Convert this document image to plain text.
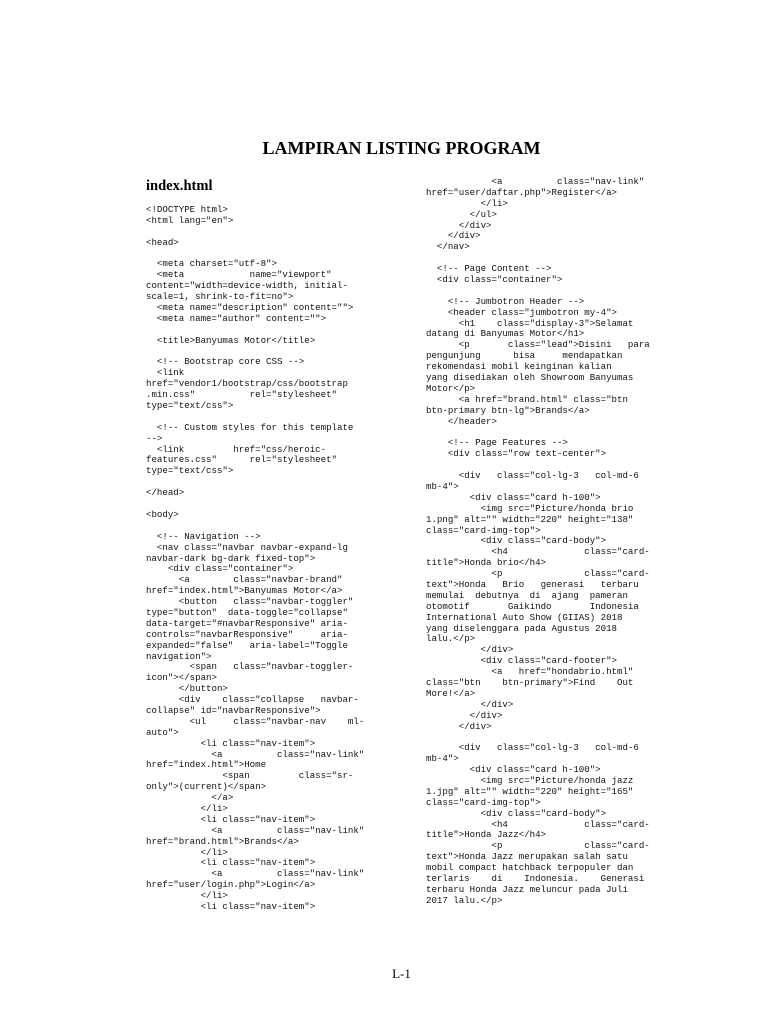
LAMPIRAN LISTING PROGRAM
index.html
<!DOCTYPE html>
<html lang="en">
<head>
<meta charset="utf-8">
<meta            name="viewport"
content="width=device-width, initial-
scale=1, shrink-to-fit=no">
<meta name="description" content="">
<meta name="author" content="">
<title>Banyumas Motor</title>
<!-- Bootstrap core CSS -->
<link
href="vendor1/bootstrap/css/bootstrap
.min.css"          rel="stylesheet"
type="text/css">
<!-- Custom styles for this template
-->
<link         href="css/heroic-
features.css"      rel="stylesheet"
type="text/css">
</head>
<body>
<!-- Navigation -->
<nav class="navbar navbar-expand-lg
navbar-dark bg-dark fixed-top">
<div class="container">
<a        class="navbar-brand"
href="index.html">Banyumas Motor</a>
<button   class="navbar-toggler"
type="button"  data-toggle="collapse"
data-target="#navbarResponsive" aria-
controls="navbarResponsive"     aria-
expanded="false"   aria-label="Toggle
navigation">
<span   class="navbar-toggler-
icon"></span>
</button>
<div    class="collapse   navbar-
collapse" id="navbarResponsive">
<ul     class="navbar-nav    ml-
auto">
<li class="nav-item">
<a          class="nav-link"
href="index.html">Home
<span         class="sr-
only">(current)</span>
</a>
</li>
<li class="nav-item">
<a          class="nav-link"
href="brand.html">Brands</a>
</li>
<li class="nav-item">
<a          class="nav-link"
href="user/login.php">Login</a>
</li>
<li class="nav-item">
<a          class="nav-link"
href="user/daftar.php">Register</a>
</li>
</ul>
</div>
</div>
</nav>
<!-- Page Content -->
<div class="container">
<!-- Jumbotron Header -->
<header class="jumbotron my-4">
<h1    class="display-3">Selamat
datang di Banyumas Motor</h1>
<p       class="lead">Disini   para
pengunjung      bisa     mendapatkan
rekomendasi mobil keinginan kalian
yang disediakan oleh Showroom Banyumas
Motor</p>
<a href="brand.html" class="btn
btn-primary btn-lg">Brands</a>
</header>
<!-- Page Features -->
<div class="row text-center">
<div   class="col-lg-3   col-md-6
mb-4">
<div class="card h-100">
<img src="Picture/honda brio
1.png" alt="" width="220" height="138"
class="card-img-top">
<div class="card-body">
<h4              class="card-
title">Honda brio</h4>
<p               class="card-
text">Honda   Brio   generasi   terbaru
memulai  debutnya  di  ajang  pameran
otomotif       Gaikindo       Indonesia
International Auto Show (GIIAS) 2018
yang diselenggara pada Agustus 2018
lalu.</p>
</div>
<div class="card-footer">
<a   href="hondabrio.html"
class="btn    btn-primary">Find    Out
More!</a>
</div>
</div>
</div>
<div   class="col-lg-3   col-md-6
mb-4">
<div class="card h-100">
<img src="Picture/honda jazz
1.jpg" alt="" width="220" height="165"
class="card-img-top">
<div class="card-body">
<h4              class="card-
title">Honda Jazz</h4>
<p               class="card-
text">Honda Jazz merupakan salah satu
mobil compact hatchback terpopuler dan
terlaris    di    Indonesia.    Generasi
terbaru Honda Jazz meluncur pada Juli
2017 lalu.</p>
L-1
